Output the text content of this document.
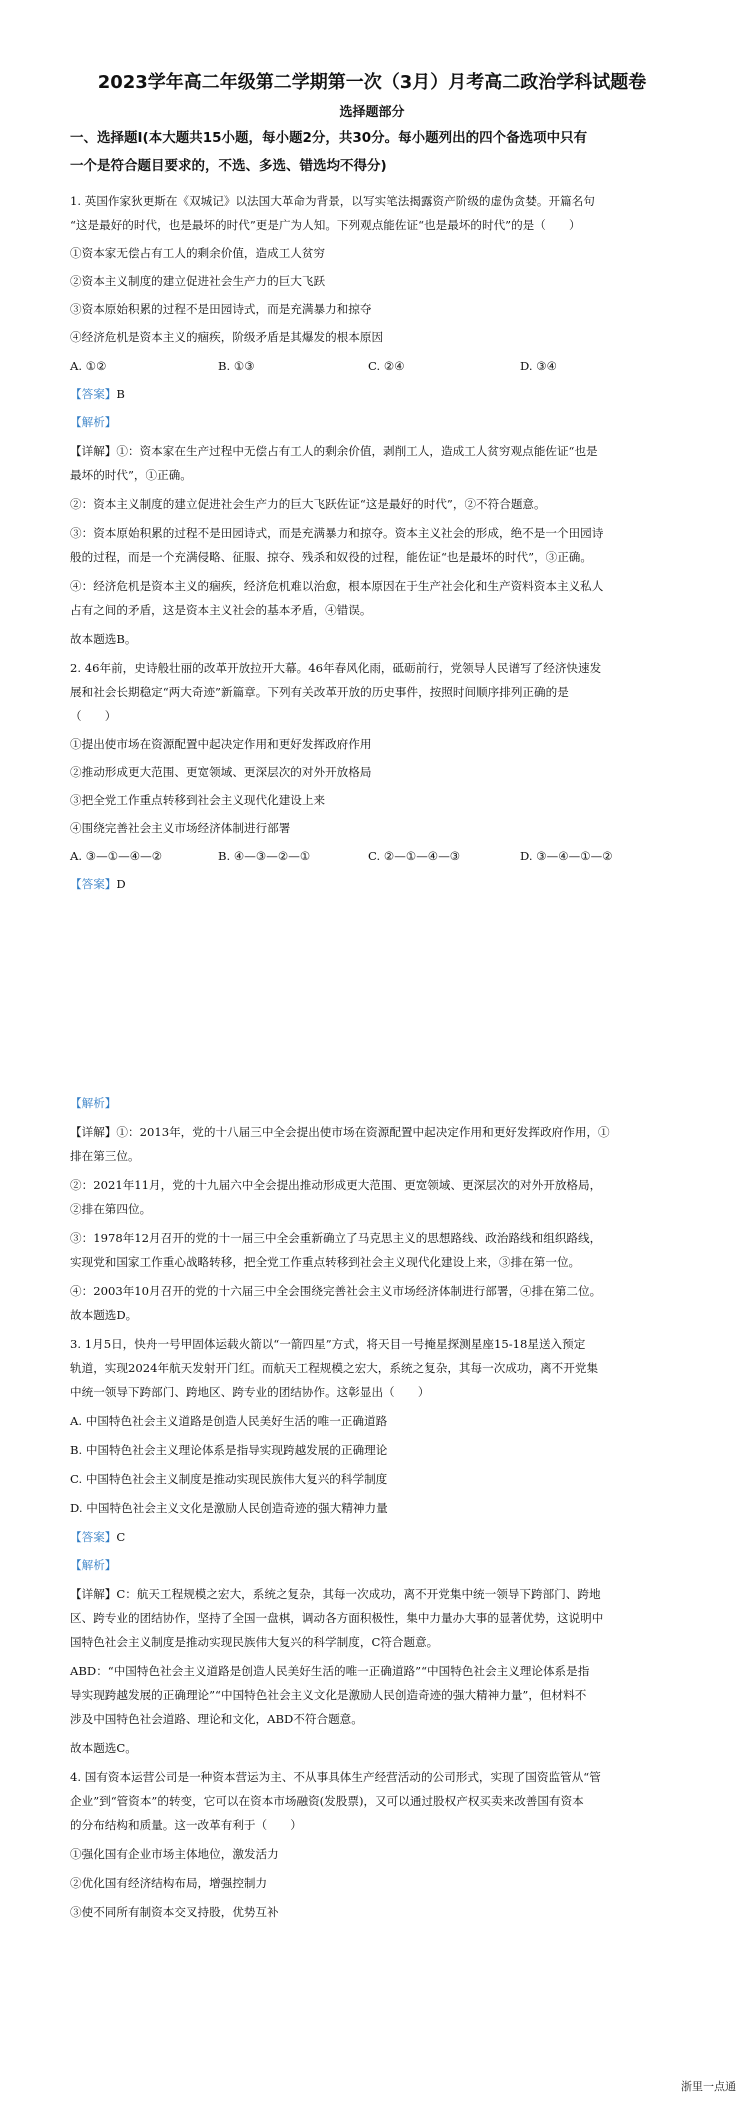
2023学年高二年级第二学期第一次（3月）月考高二政治学科试题卷
选择题部分
一、选择题Ⅰ(本大题共15小题，每小题2分，共30分。每小题列出的四个备选项中只有
一个是符合题目要求的，不选、多选、错选均不得分)
1. 英国作家狄更斯在《双城记》以法国大革命为背景，以写实笔法揭露资产阶级的虚伪贪婪。开篇名句
“这是最好的时代，也是最坏的时代”更是广为人知。下列观点能佐证“也是最坏的时代”的是（　　）
①资本家无偿占有工人的剩余价值，造成工人贫穷
②资本主义制度的建立促进社会生产力的巨大飞跃
③资本原始积累的过程不是田园诗式，而是充满暴力和掠夺
④经济危机是资本主义的痼疾，阶级矛盾是其爆发的根本原因
A. ①②	B. ①③	C. ②④	D. ③④
【答案】B
【解析】
【详解】①：资本家在生产过程中无偿占有工人的剩余价值，剥削工人，造成工人贫穷观点能佐证“也是
最坏的时代”，①正确。
②：资本主义制度的建立促进社会生产力的巨大飞跃佐证“这是最好的时代”，②不符合题意。
③：资本原始积累的过程不是田园诗式，而是充满暴力和掠夺。资本主义社会的形成，绝不是一个田园诗
般的过程，而是一个充满侵略、征服、掠夺、残杀和奴役的过程，能佐证“也是最坏的时代”，③正确。
④：经济危机是资本主义的痼疾，经济危机难以治愈，根本原因在于生产社会化和生产资料资本主义私人
占有之间的矛盾，这是资本主义社会的基本矛盾，④错误。
故本题选B。
2. 46年前，史诗般壮丽的改革开放拉开大幕。46年春风化雨，砥砺前行，党领导人民谱写了经济快速发
展和社会长期稳定“两大奇迹”新篇章。下列有关改革开放的历史事件，按照时间顺序排列正确的是
（　　）
①提出使市场在资源配置中起决定作用和更好发挥政府作用
②推动形成更大范围、更宽领域、更深层次的对外开放格局
③把全党工作重点转移到社会主义现代化建设上来
④围绕完善社会主义市场经济体制进行部署
A. ③—①—④—②	B. ④—③—②—①	C. ②—①—④—③	D. ③—④—①—②
【答案】D
【解析】
【详解】①：2013年，党的十八届三中全会提出使市场在资源配置中起决定作用和更好发挥政府作用，①
排在第三位。
②：2021年11月，党的十九届六中全会提出推动形成更大范围、更宽领域、更深层次的对外开放格局，
②排在第四位。
③：1978年12月召开的党的十一届三中全会重新确立了马克思主义的思想路线、政治路线和组织路线，
实现党和国家工作重心战略转移，把全党工作重点转移到社会主义现代化建设上来，③排在第一位。
④：2003年10月召开的党的十六届三中全会围绕完善社会主义市场经济体制进行部署，④排在第二位。
故本题选D。
3. 1月5日，快舟一号甲固体运载火箭以“一箭四星”方式，将天目一号掩星探测星座15-18星送入预定
轨道，实现2024年航天发射开门红。而航天工程规模之宏大，系统之复杂，其每一次成功，离不开党集
中统一领导下跨部门、跨地区、跨专业的团结协作。这彰显出（　　）
A. 中国特色社会主义道路是创造人民美好生活的唯一正确道路
B. 中国特色社会主义理论体系是指导实现跨越发展的正确理论
C. 中国特色社会主义制度是推动实现民族伟大复兴的科学制度
D. 中国特色社会主义文化是激励人民创造奇迹的强大精神力量
【答案】C
【解析】
【详解】C：航天工程规模之宏大，系统之复杂，其每一次成功，离不开党集中统一领导下跨部门、跨地
区、跨专业的团结协作，坚持了全国一盘棋，调动各方面积极性，集中力量办大事的显著优势，这说明中
国特色社会主义制度是推动实现民族伟大复兴的科学制度，C符合题意。
ABD：“中国特色社会主义道路是创造人民美好生活的唯一正确道路”“中国特色社会主义理论体系是指
导实现跨越发展的正确理论”“中国特色社会主义文化是激励人民创造奇迹的强大精神力量”，但材料不
涉及中国特色社会道路、理论和文化，ABD不符合题意。
故本题选C。
4. 国有资本运营公司是一种资本营运为主、不从事具体生产经营活动的公司形式，实现了国资监管从“管
企业”到“管资本”的转变，它可以在资本市场融资(发股票)，又可以通过股权产权买卖来改善国有资本
的分布结构和质量。这一改革有利于（　　）
①强化国有企业市场主体地位，激发活力
②优化国有经济结构布局，增强控制力
③使不同所有制资本交叉持股，优势互补
浙里一点通
